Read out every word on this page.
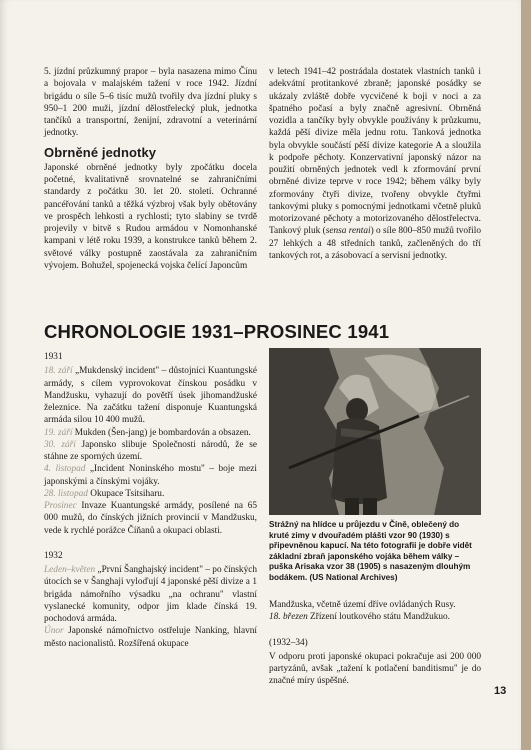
5. jízdní průzkumný prapor – byla nasazena mimo Čínu a bojovala v malajském tažení v roce 1942. Jízdní brigádu o síle 5–6 tisíc mužů tvořily dva jízdní pluky s 950–1 200 muži, jízdní dělostřelecký pluk, jednotka tančíků a transportní, ženijní, zdravotní a veterinární jednotky.

Obrněné jednotky

Japonské obrněné jednotky byly zpočátku docela početné, kvalitativně srovnatelné se zahraničními standardy z počátku 30. let 20. století. Ochranné pancéřování tanků a těžká výzbroj však byly obětovány ve prospěch lehkosti a rychlosti; tyto slabiny se tvrdě projevily v bitvě s Rudou armádou v Nomonhanské kampani v létě roku 1939, a konstrukce tanků během 2. světové války postupně zaostávala za zahraničním vývojem. Bohužel, spojenecká vojska čelící Japoncům

v letech 1941–42 postrádala dostatek vlastních tanků i adekvátní protitankové zbraně; japonské posádky se ukázaly zvláště dobře vycvičené k boji v noci a za špatného počasí a byly značně agresivní. Obrněná vozidla a tančíky byly obvykle používány k průzkumu, každá pěší divize měla jednu rotu. Tanková jednotka byla obvykle součástí pěší divize kategorie A a sloužila k podpoře pěchoty. Konzervativní japonský názor na použití obrněných jednotek vedl k zformování první obrněné divize teprve v roce 1942; během války byly zformovány čtyři divize, tvořeny obvykle čtyřmi tankovými pluky s pomocnými jednotkami včetně pluků motorizované pěchoty a motorizovaného dělostřelectva. Tankový pluk (sensa rentai) o síle 800–850 mužů tvořilo 27 lehkých a 48 středních tanků, začleněných do tří tankových rot, a zásobovací a servisní jednotky.

CHRONOLOGIE 1931–PROSINEC 1941
1931

18. září „Mukdenský incident" – důstojníci Kuantungské armády, s cílem vyprovokovat čínskou posádku v Mandžusku, vyhazují do povětří úsek jihomandžuské železnice. Na začátku tažení disponuje Kuantungská armáda silou 10 400 mužů.

19. září Mukden (Šen-jang) je bombardován a obsazen.

30. září Japonsko slibuje Společnosti národů, že se stáhne ze sporných území.

4. listopad „Incident Noninského mostu" – boje mezi japonskými a čínskými vojáky.

28. listopad Okupace Tsitsiharu.

Prosinec Invaze Kuantungské armády, posílené na 65 000 mužů, do čínských jižních provincií v Mandžusku, vede k rychlé porážce Číňanů a okupaci oblasti.

1932

Leden–květen „První Šanghajský incident" – po čínských útocích se v Šanghaji vyloďují 4 japonské pěší divize a 1 brigáda námořního výsadku „na ochranu" vlastní vyslanecké komunity, odpor jim klade čínská 19. pochodová armáda.

Únor Japonské námořnictvo ostřeluje Nanking, hlavní město nacionalistů. Rozšířená okupace

Strážný na hlídce u průjezdu v Číně, oblečený do kruté zimy v dvouřadém plášti vzor 90 (1930) s připevněnou kapucí. Na této fotografii je dobře vidět základní zbraň japonského vojáka během války – puška Arisaka vzor 38 (1905) s nasazeným dlouhým bodákem. (US National Archives)

Mandžuska, včetně území dříve ovládaných Rusy.

18. březen Zřízení loutkového státu Mandžukuo.

(1932–34)

V odporu proti japonské okupaci pokračuje asi 200 000 partyzánů, avšak „tažení k potlačení banditismu" je do značné míry úspěšné.

13
